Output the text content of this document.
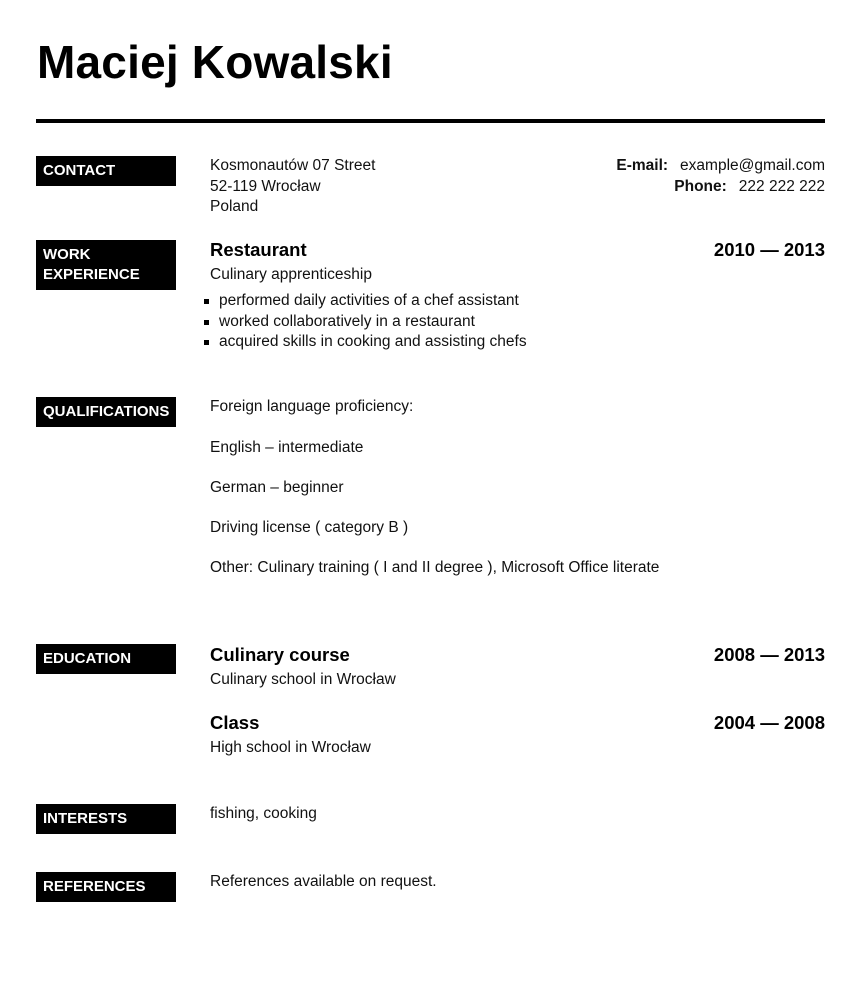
Maciej Kowalski
CONTACT	Kosmonautów 07 Street
52-119 Wrocław
Poland
E-mail: example@gmail.com
Phone: 222 222 222
WORK
EXPERIENCE
Restaurant	2010 — 2013
Culinary apprenticeship
performed daily activities of a chef assistant
worked collaboratively in a restaurant
acquired skills in cooking and assisting chefs
QUALIFICATIONS	Foreign language proficiency:
English – intermediate
German – beginner
Driving license ( category B )
Other: Culinary training ( I and II degree ), Microsoft Office literate
EDUCATION	Culinary course	2008 — 2013
Culinary school in Wrocław
Class	2004 — 2008
High school in Wrocław
INTERESTS	fishing, cooking
REFERENCES	References available on request.
